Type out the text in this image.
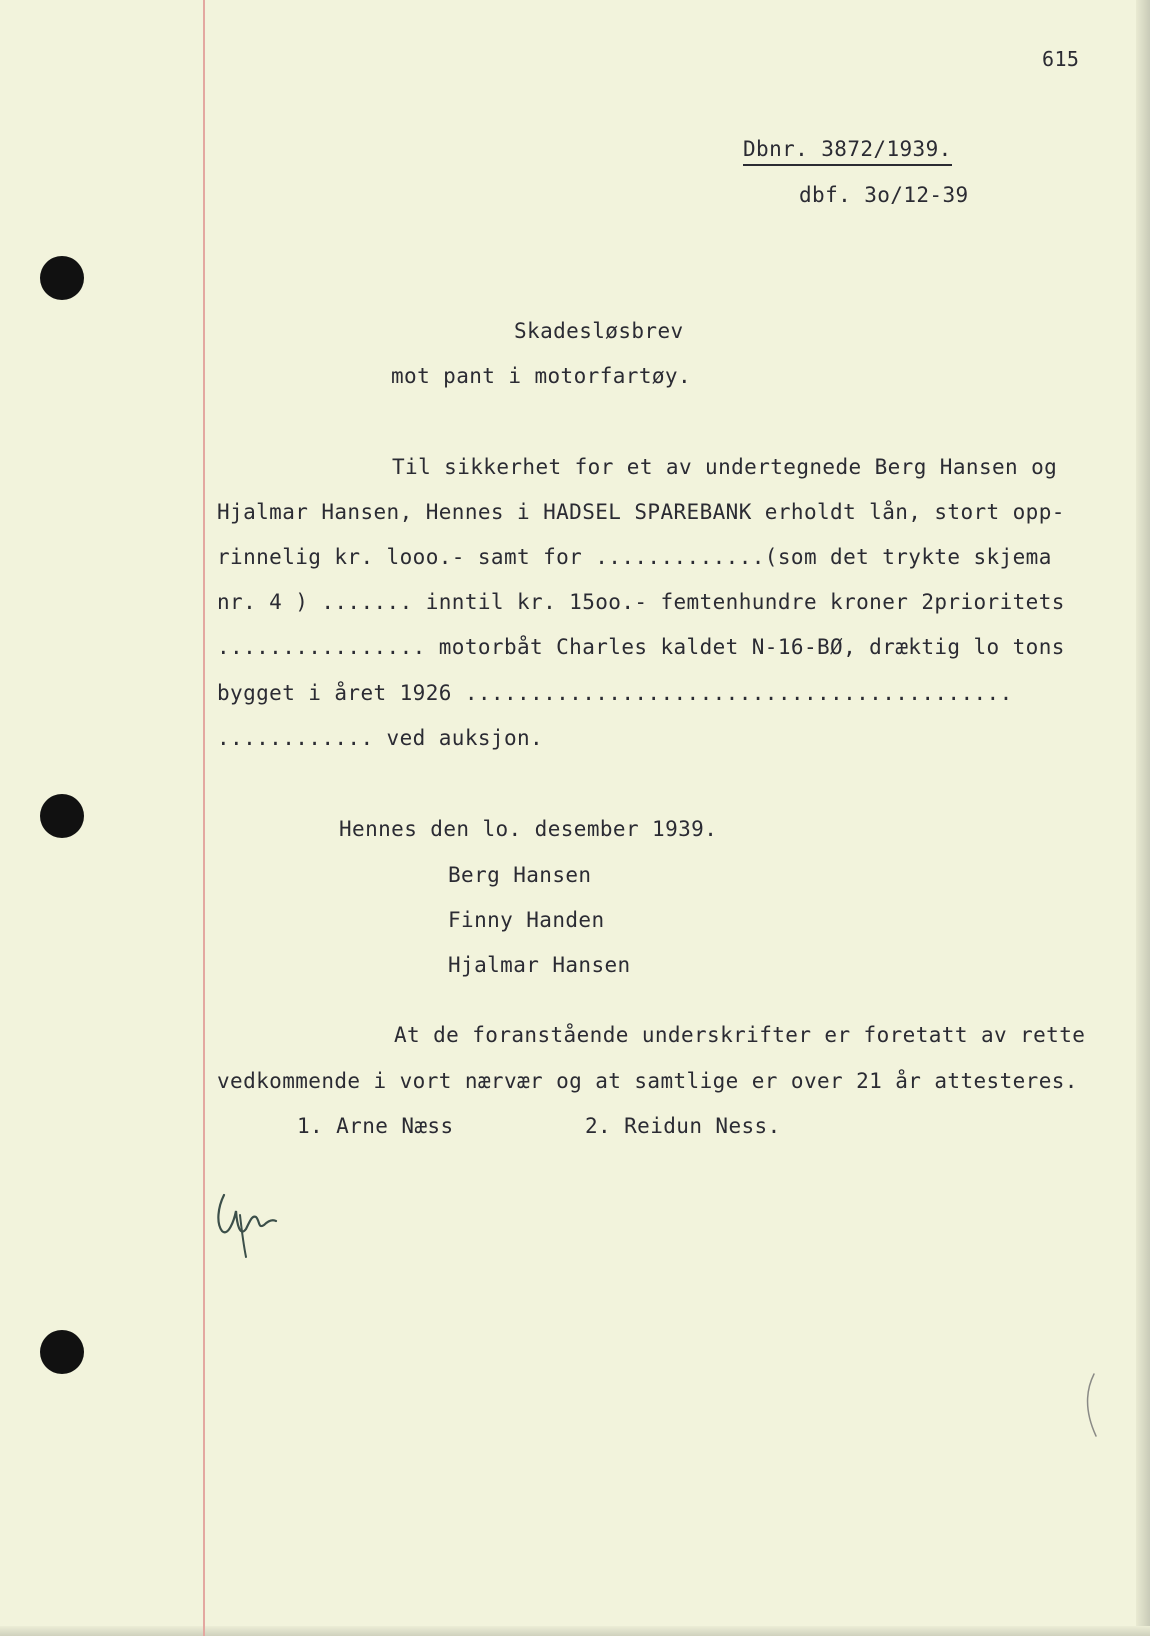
615
Dbnr. 3872/1939.
dbf. 3o/12-39
Skadesløsbrev
mot pant i motorfartøy.
Til sikkerhet for et av undertegnede Berg Hansen og
Hjalmar Hansen, Hennes i HADSEL SPAREBANK erholdt lån, stort opp-
rinnelig kr. looo.- samt for .............(som det trykte skjema
nr. 4 ) ....... inntil kr. 15oo.- femtenhundre kroner 2prioritets
................ motorbåt Charles kaldet N-16-BØ, dræktig lo tons
bygget i året 1926 ..........................................
............ ved auksjon.
Hennes den lo. desember 1939.
Berg Hansen
Finny Handen
Hjalmar Hansen
At de foranstående underskrifter er foretatt av rette
vedkommende i vort nærvær og at samtlige er over 21 år attesteres.
1. Arne Næss	2. Reidun Ness.
